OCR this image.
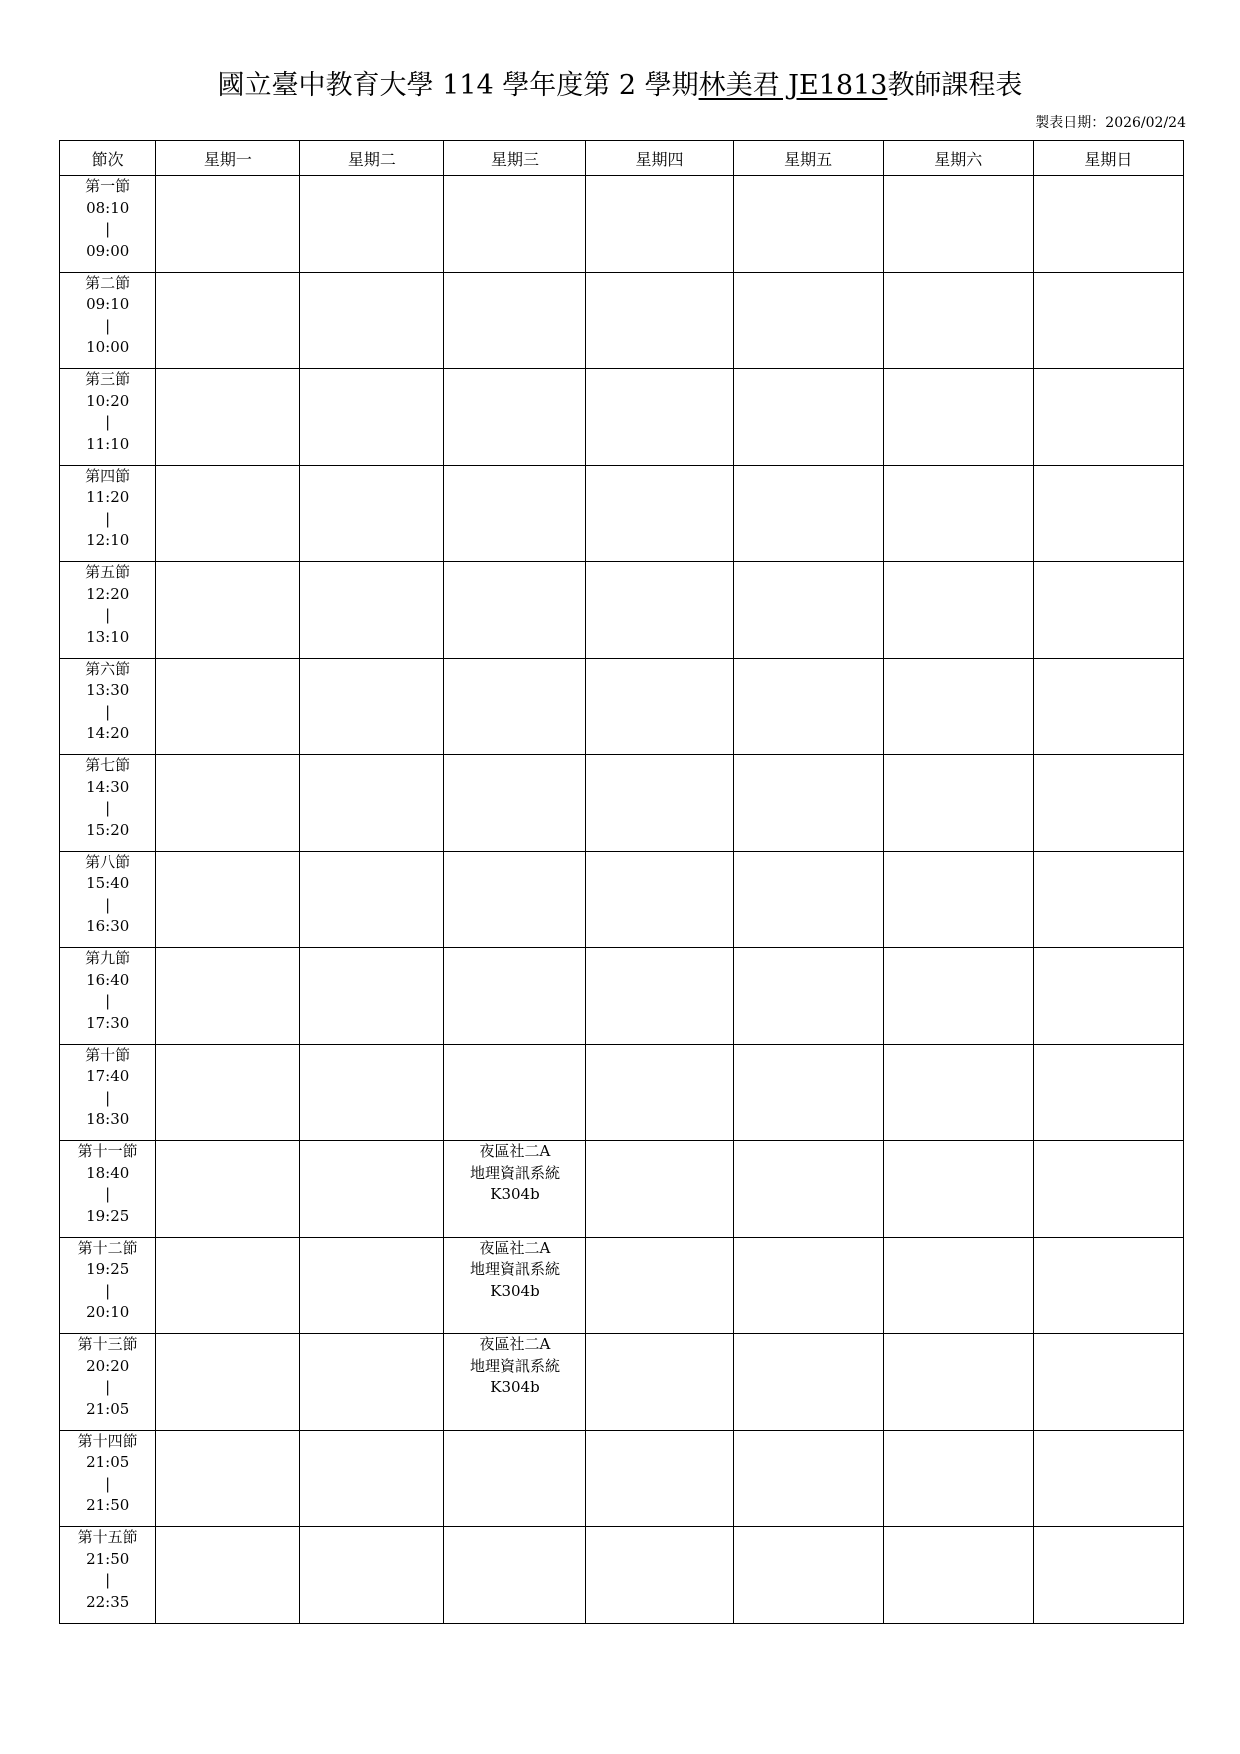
國立臺中教育大學 114 學年度第 2 學期林美君 JE1813教師課程表
製表日期：2026/02/24
節次	星期一	星期二	星期三	星期四	星期五	星期六	星期日

第一節
08:10
|
09:00							

第二節
09:10
|
10:00							

第三節
10:20
|
11:10							

第四節
11:20
|
12:10							

第五節
12:20
|
13:10							

第六節
13:30
|
14:20							

第七節
14:30
|
15:20							

第八節
15:40
|
16:30							

第九節
16:40
|
17:30							

第十節
17:40
|
18:30							

第十一節
18:40
|
19:25			夜區社二A
地理資訊系統
K304b				

第十二節
19:25
|
20:10			夜區社二A
地理資訊系統
K304b				

第十三節
20:20
|
21:05			夜區社二A
地理資訊系統
K304b				

第十四節
21:05
|
21:50							

第十五節
21:50
|
22:35							
